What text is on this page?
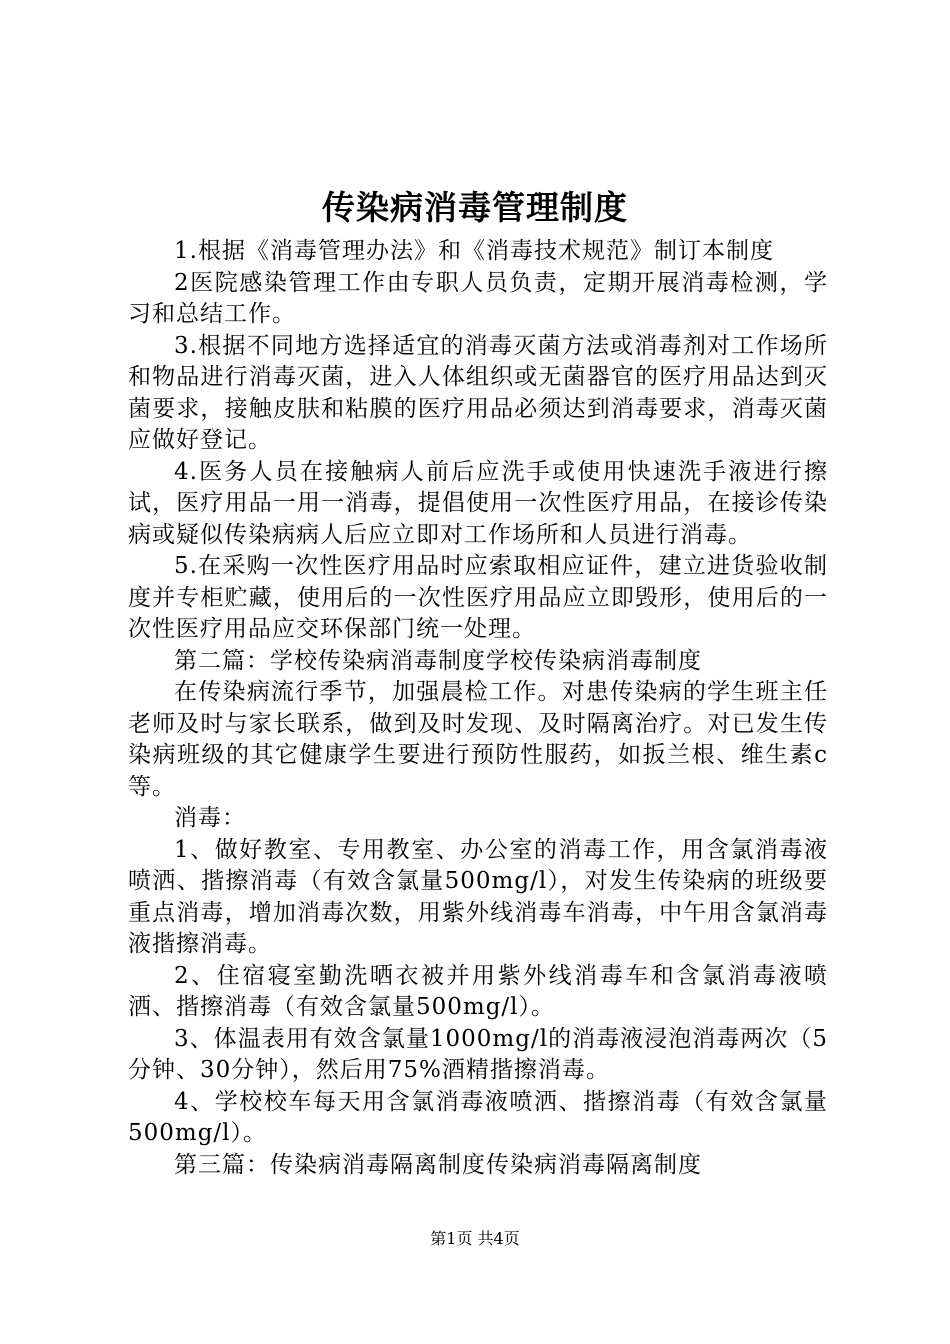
传染病消毒管理制度

1.根据《消毒管理办法》和《消毒技术规范》制订本制度

2医院感染管理工作由专职人员负责，定期开展消毒检测，学习和总结工作。

3.根据不同地方选择适宜的消毒灭菌方法或消毒剂对工作场所和物品进行消毒灭菌，进入人体组织或无菌器官的医疗用品达到灭菌要求，接触皮肤和粘膜的医疗用品必须达到消毒要求，消毒灭菌应做好登记。

4.医务人员在接触病人前后应洗手或使用快速洗手液进行擦试，医疗用品一用一消毒，提倡使用一次性医疗用品，在接诊传染病或疑似传染病病人后应立即对工作场所和人员进行消毒。

5.在采购一次性医疗用品时应索取相应证件，建立进货验收制度并专柜贮藏，使用后的一次性医疗用品应立即毁形，使用后的一次性医疗用品应交环保部门统一处理。

第二篇：学校传染病消毒制度学校传染病消毒制度

在传染病流行季节，加强晨检工作。对患传染病的学生班主任老师及时与家长联系，做到及时发现、及时隔离治疗。对已发生传染病班级的其它健康学生要进行预防性服药，如扳兰根、维生素c等。

消毒：

1、做好教室、专用教室、办公室的消毒工作，用含氯消毒液喷洒、揩擦消毒（有效含氯量500mg/l），对发生传染病的班级要重点消毒，增加消毒次数，用紫外线消毒车消毒，中午用含氯消毒液揩擦消毒。

2、住宿寝室勤洗晒衣被并用紫外线消毒车和含氯消毒液喷洒、揩擦消毒（有效含氯量500mg/l）。

3、体温表用有效含氯量1000mg/l的消毒液浸泡消毒两次（5分钟、30分钟），然后用75%酒精揩擦消毒。

4、学校校车每天用含氯消毒液喷洒、揩擦消毒（有效含氯量500mg/l）。

第三篇：传染病消毒隔离制度传染病消毒隔离制度

第1页 共4页
